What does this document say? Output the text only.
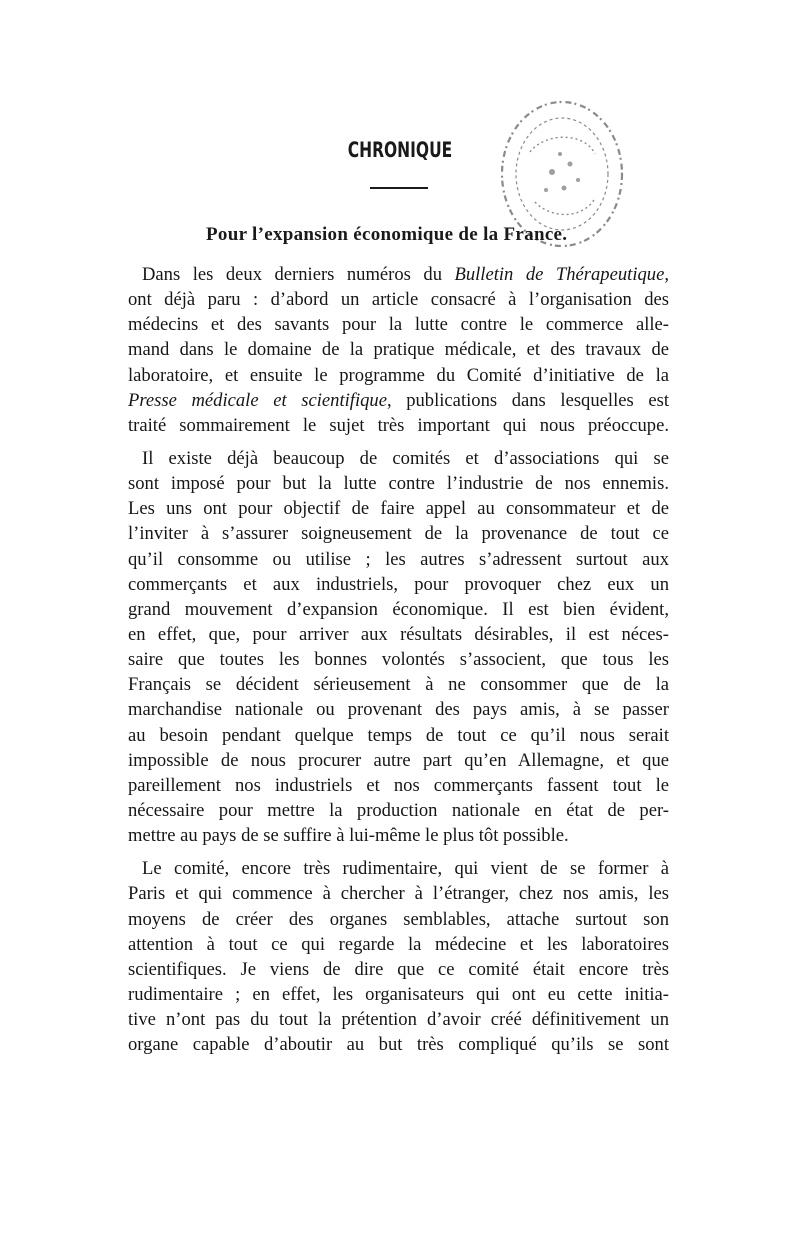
CHRONIQUE
Pour l’expansion économique de la France.
Dans les deux derniers numéros du Bulletin de Thérapeutique,
ont déjà paru : d’abord un article consacré à l’organisation des
médecins et des savants pour la lutte contre le commerce alle-
mand dans le domaine de la pratique médicale, et des travaux de
laboratoire, et ensuite le programme du Comité d’initiative de la
Presse médicale et scientifique, publications dans lesquelles est
traité sommairement le sujet très important qui nous préoccupe.
Il existe déjà beaucoup de comités et d’associations qui se
sont imposé pour but la lutte contre l’industrie de nos ennemis.
Les uns ont pour objectif de faire appel au consommateur et de
l’inviter à s’assurer soigneusement de la provenance de tout ce
qu’il consomme ou utilise ; les autres s’adressent surtout aux
commerçants et aux industriels, pour provoquer chez eux un
grand mouvement d’expansion économique. Il est bien évident,
en effet, que, pour arriver aux résultats désirables, il est néces-
saire que toutes les bonnes volontés s’associent, que tous les
Français se décident sérieusement à ne consommer que de la
marchandise nationale ou provenant des pays amis, à se passer
au besoin pendant quelque temps de tout ce qu’il nous serait
impossible de nous procurer autre part qu’en Allemagne, et que
pareillement nos industriels et nos commerçants fassent tout le
nécessaire pour mettre la production nationale en état de per-
mettre au pays de se suffire à lui-même le plus tôt possible.
Le comité, encore très rudimentaire, qui vient de se former à
Paris et qui commence à chercher à l’étranger, chez nos amis, les
moyens de créer des organes semblables, attache surtout son
attention à tout ce qui regarde la médecine et les laboratoires
scientifiques. Je viens de dire que ce comité était encore très
rudimentaire ; en effet, les organisateurs qui ont eu cette initia-
tive n’ont pas du tout la prétention d’avoir créé définitivement un
organe capable d’aboutir au but très compliqué qu’ils se sont
